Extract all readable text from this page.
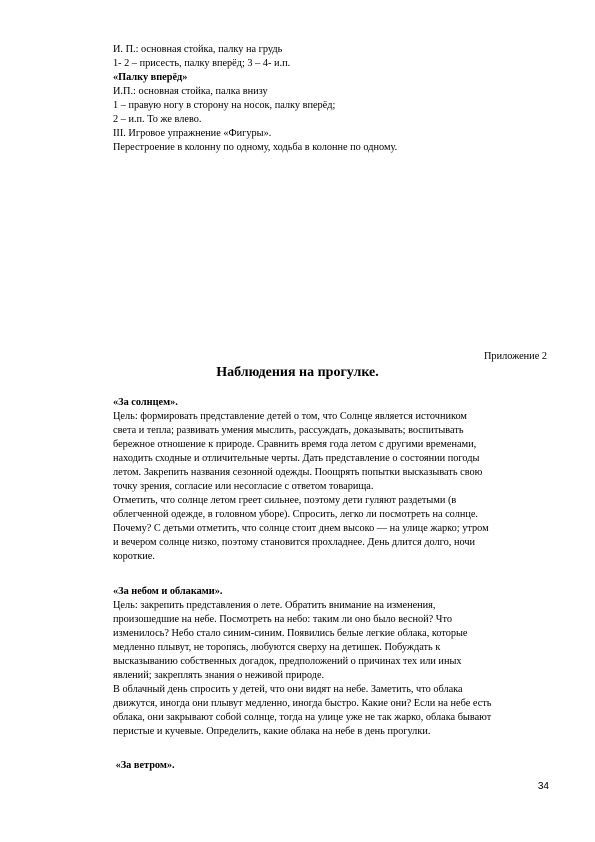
И. П.: основная стойка, палку на грудь
1- 2 – присесть, палку вперёд; 3 – 4- и.п.
«Палку вперёд»
И.П.: основная стойка, палка внизу
1 – правую ногу в сторону на носок, палку вперёд;
2 – и.п. То же влево.
III. Игровое упражнение «Фигуры».
Перестроение в колонну по одному, ходьба в колонне по одному.
Приложение 2
Наблюдения на прогулке.
«За солнцем».
Цель: формировать представление детей о том, что Солнце является источником
света и тепла; развивать умения мыслить, рассуждать, доказывать; воспитывать
бережное отношение к природе. Сравнить время года летом с другими временами,
находить сходные и отличительные черты. Дать представление о состоянии погоды
летом. Закрепить названия сезонной одежды. Поощрять попытки высказывать свою
точку зрения, согласие или несогласие с ответом товарища.
Отметить, что солнце летом греет сильнее, поэтому дети гуляют раздетыми (в
облегченной одежде, в головном уборе). Спросить, легко ли посмотреть на солнце.
Почему? С детьми отметить, что солнце стоит днем высоко — на улице жарко; утром
и вечером солнце низко, поэтому становится прохладнее. День длится долго, ночи
короткие.
«За небом и облаками».
Цель: закрепить представления о лете. Обратить внимание на изменения,
произошедшие на небе. Посмотреть на небо: таким ли оно было весной? Что
изменилось? Небо стало синим-синим. Появились белые легкие облака, которые
медленно плывут, не торопясь, любуются сверху на детишек. Побуждать к
высказыванию собственных догадок, предположений о причинах тех или иных
явлений; закреплять знания о неживой природе.
В облачный день спросить у детей, что они видят на небе. Заметить, что облака
движутся, иногда они плывут медленно, иногда быстро. Какие они? Если на небе есть
облака, они закрывают собой солнце, тогда на улице уже не так жарко, облака бывают
перистые и кучевые. Определить, какие облака на небе в день прогулки.
«За ветром».
34
